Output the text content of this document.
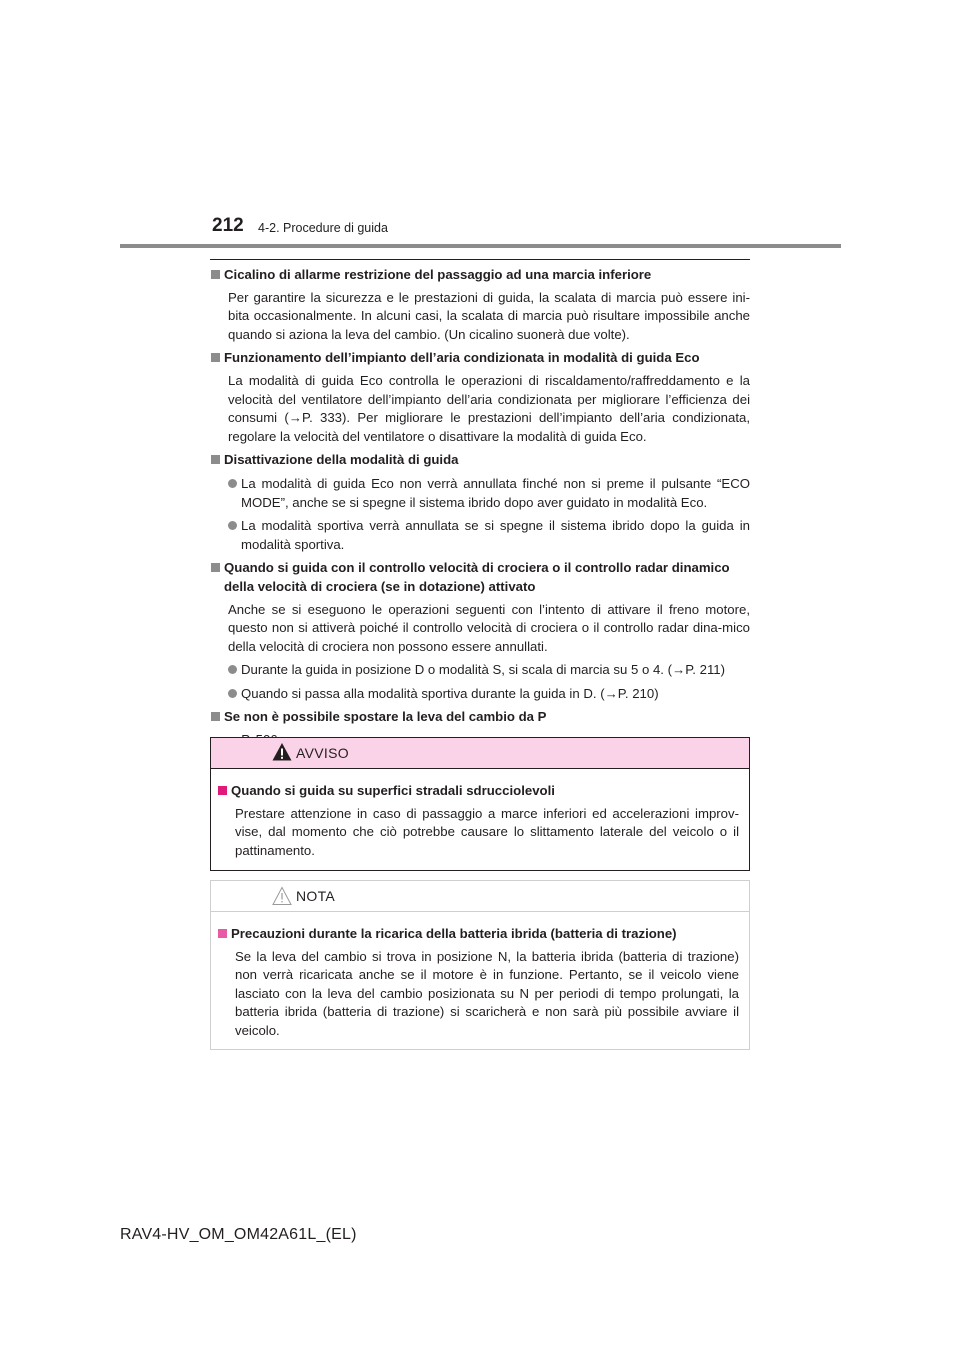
212 4-2. Procedure di guida

Cicalino di allarme restrizione del passaggio ad una marcia inferiore

Per garantire la sicurezza e le prestazioni di guida, la scalata di marcia può essere ini-bita occasionalmente. In alcuni casi, la scalata di marcia può risultare impossibile anche quando si aziona la leva del cambio. (Un cicalino suonerà due volte).

Funzionamento dell’impianto dell’aria condizionata in modalità di guida Eco

La modalità di guida Eco controlla le operazioni di riscaldamento/raffreddamento e la velocità del ventilatore dell’impianto dell’aria condizionata per migliorare l’efficienza dei consumi (→P. 333). Per migliorare le prestazioni dell’impianto dell’aria condizionata, regolare la velocità del ventilatore o disattivare la modalità di guida Eco.

Disattivazione della modalità di guida

La modalità di guida Eco non verrà annullata finché non si preme il pulsante “ECO MODE”, anche se si spegne il sistema ibrido dopo aver guidato in modalità Eco.
La modalità sportiva verrà annullata se si spegne il sistema ibrido dopo la guida in modalità sportiva.

Quando si guida con il controllo velocità di crociera o il controllo radar dinamico della velocità di crociera (se in dotazione) attivato

Anche se si eseguono le operazioni seguenti con l’intento di attivare il freno motore, questo non si attiverà poiché il controllo velocità di crociera o il controllo radar dina-mico della velocità di crociera non possono essere annullati.

Durante la guida in posizione D o modalità S, si scala di marcia su 5 o 4. (→P. 211)
Quando si passa alla modalità sportiva durante la guida in D. (→P. 210)

Se non è possibile spostare la leva del cambio da P

AVVISO

Quando si guida su superfici stradali sdrucciolevoli

Prestare attenzione in caso di passaggio a marce inferiori ed accelerazioni improv-vise, dal momento che ciò potrebbe causare lo slittamento laterale del veicolo o il pattinamento.

NOTA

Precauzioni durante la ricarica della batteria ibrida (batteria di trazione)

Se la leva del cambio si trova in posizione N, la batteria ibrida (batteria di trazione) non verrà ricaricata anche se il motore è in funzione. Pertanto, se il veicolo viene lasciato con la leva del cambio posizionata su N per periodi di tempo prolungati, la batteria ibrida (batteria di trazione) si scaricherà e non sarà più possibile avviare il veicolo.

RAV4-HV_OM_OM42A61L_(EL)
